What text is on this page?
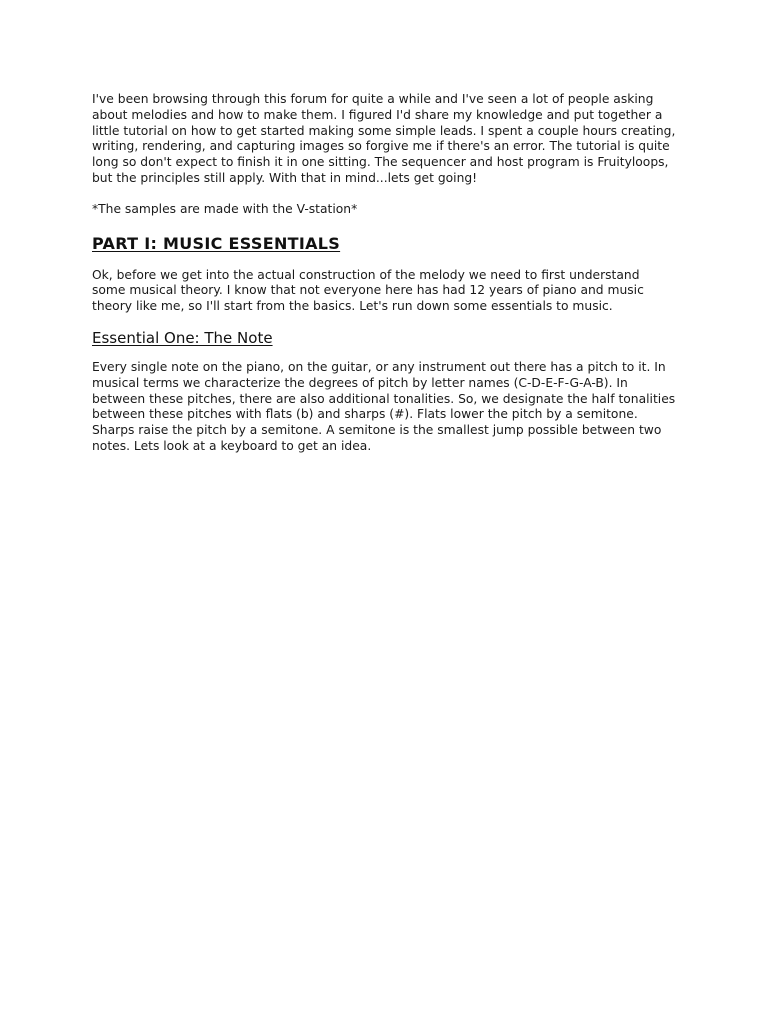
I've been browsing through this forum for quite a while and I've seen a lot of people asking about melodies and how to make them. I figured I'd share my knowledge and put together a little tutorial on how to get started making some simple leads. I spent a couple hours creating, writing, rendering, and capturing images so forgive me if there's an error. The tutorial is quite long so don't expect to finish it in one sitting. The sequencer and host program is Fruityloops, but the principles still apply. With that in mind...lets get going!

*The samples are made with the V-station*

PART I: MUSIC ESSENTIALS

Ok, before we get into the actual construction of the melody we need to first understand some musical theory. I know that not everyone here has had 12 years of piano and music theory like me, so I'll start from the basics. Let's run down some essentials to music.

Essential One: The Note

Every single note on the piano, on the guitar, or any instrument out there has a pitch to it. In musical terms we characterize the degrees of pitch by letter names (C-D-E-F-G-A-B). In between these pitches, there are also additional tonalities. So, we designate the half tonalities between these pitches with flats (b) and sharps (#). Flats lower the pitch by a semitone. Sharps raise the pitch by a semitone. A semitone is the smallest jump possible between two notes. Lets look at a keyboard to get an idea.
